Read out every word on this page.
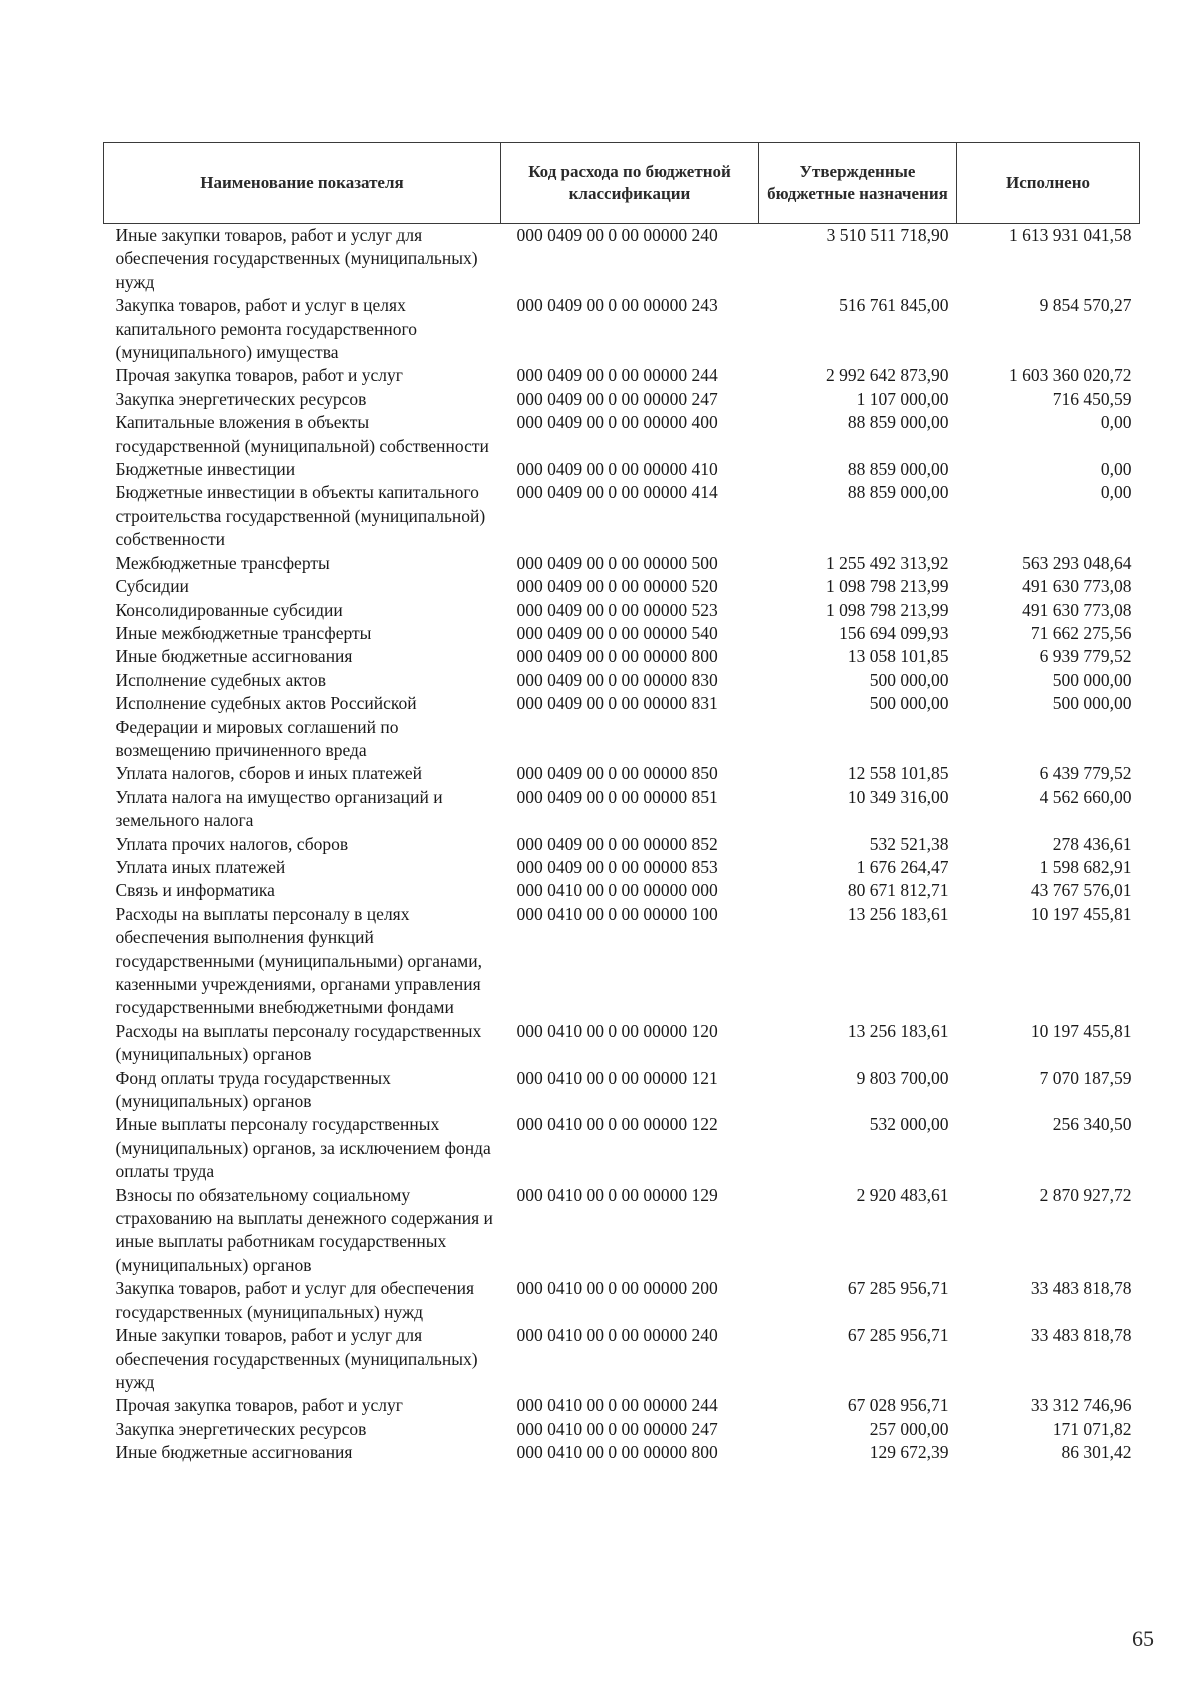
Наименование показателя	Код расхода по бюджетной классификации	Утвержденные бюджетные назначения	Исполнено
Иные закупки товаров, работ и услуг для обеспечения государственных (муниципальных) нужд	000 0409 00 0 00 00000 240	3 510 511 718,90	1 613 931 041,58
Закупка товаров, работ и услуг в целях капитального ремонта государственного (муниципального) имущества	000 0409 00 0 00 00000 243	516 761 845,00	9 854 570,27
Прочая закупка товаров, работ и услуг	000 0409 00 0 00 00000 244	2 992 642 873,90	1 603 360 020,72
Закупка энергетических ресурсов	000 0409 00 0 00 00000 247	1 107 000,00	716 450,59
Капитальные вложения в объекты государственной (муниципальной) собственности	000 0409 00 0 00 00000 400	88 859 000,00	0,00
Бюджетные инвестиции	000 0409 00 0 00 00000 410	88 859 000,00	0,00
Бюджетные инвестиции в объекты капитального строительства государственной (муниципальной) собственности	000 0409 00 0 00 00000 414	88 859 000,00	0,00
Межбюджетные трансферты	000 0409 00 0 00 00000 500	1 255 492 313,92	563 293 048,64
Субсидии	000 0409 00 0 00 00000 520	1 098 798 213,99	491 630 773,08
Консолидированные субсидии	000 0409 00 0 00 00000 523	1 098 798 213,99	491 630 773,08
Иные межбюджетные трансферты	000 0409 00 0 00 00000 540	156 694 099,93	71 662 275,56
Иные бюджетные ассигнования	000 0409 00 0 00 00000 800	13 058 101,85	6 939 779,52
Исполнение судебных актов	000 0409 00 0 00 00000 830	500 000,00	500 000,00
Исполнение судебных актов Российской Федерации и мировых соглашений по возмещению причиненного вреда	000 0409 00 0 00 00000 831	500 000,00	500 000,00
Уплата налогов, сборов и иных платежей	000 0409 00 0 00 00000 850	12 558 101,85	6 439 779,52
Уплата налога на имущество организаций и земельного налога	000 0409 00 0 00 00000 851	10 349 316,00	4 562 660,00
Уплата прочих налогов, сборов	000 0409 00 0 00 00000 852	532 521,38	278 436,61
Уплата иных платежей	000 0409 00 0 00 00000 853	1 676 264,47	1 598 682,91
Связь и информатика	000 0410 00 0 00 00000 000	80 671 812,71	43 767 576,01
Расходы на выплаты персоналу в целях обеспечения выполнения функций государственными (муниципальными) органами, казенными учреждениями, органами управления государственными внебюджетными фондами	000 0410 00 0 00 00000 100	13 256 183,61	10 197 455,81
Расходы на выплаты персоналу государственных (муниципальных) органов	000 0410 00 0 00 00000 120	13 256 183,61	10 197 455,81
Фонд оплаты труда государственных (муниципальных) органов	000 0410 00 0 00 00000 121	9 803 700,00	7 070 187,59
Иные выплаты персоналу государственных (муниципальных) органов, за исключением фонда оплаты труда	000 0410 00 0 00 00000 122	532 000,00	256 340,50
Взносы по обязательному социальному страхованию на выплаты денежного содержания и иные выплаты работникам государственных (муниципальных) органов	000 0410 00 0 00 00000 129	2 920 483,61	2 870 927,72
Закупка товаров, работ и услуг для обеспечения государственных (муниципальных) нужд	000 0410 00 0 00 00000 200	67 285 956,71	33 483 818,78
Иные закупки товаров, работ и услуг для обеспечения государственных (муниципальных) нужд	000 0410 00 0 00 00000 240	67 285 956,71	33 483 818,78
Прочая закупка товаров, работ и услуг	000 0410 00 0 00 00000 244	67 028 956,71	33 312 746,96
Закупка энергетических ресурсов	000 0410 00 0 00 00000 247	257 000,00	171 071,82
Иные бюджетные ассигнования	000 0410 00 0 00 00000 800	129 672,39	86 301,42
65
